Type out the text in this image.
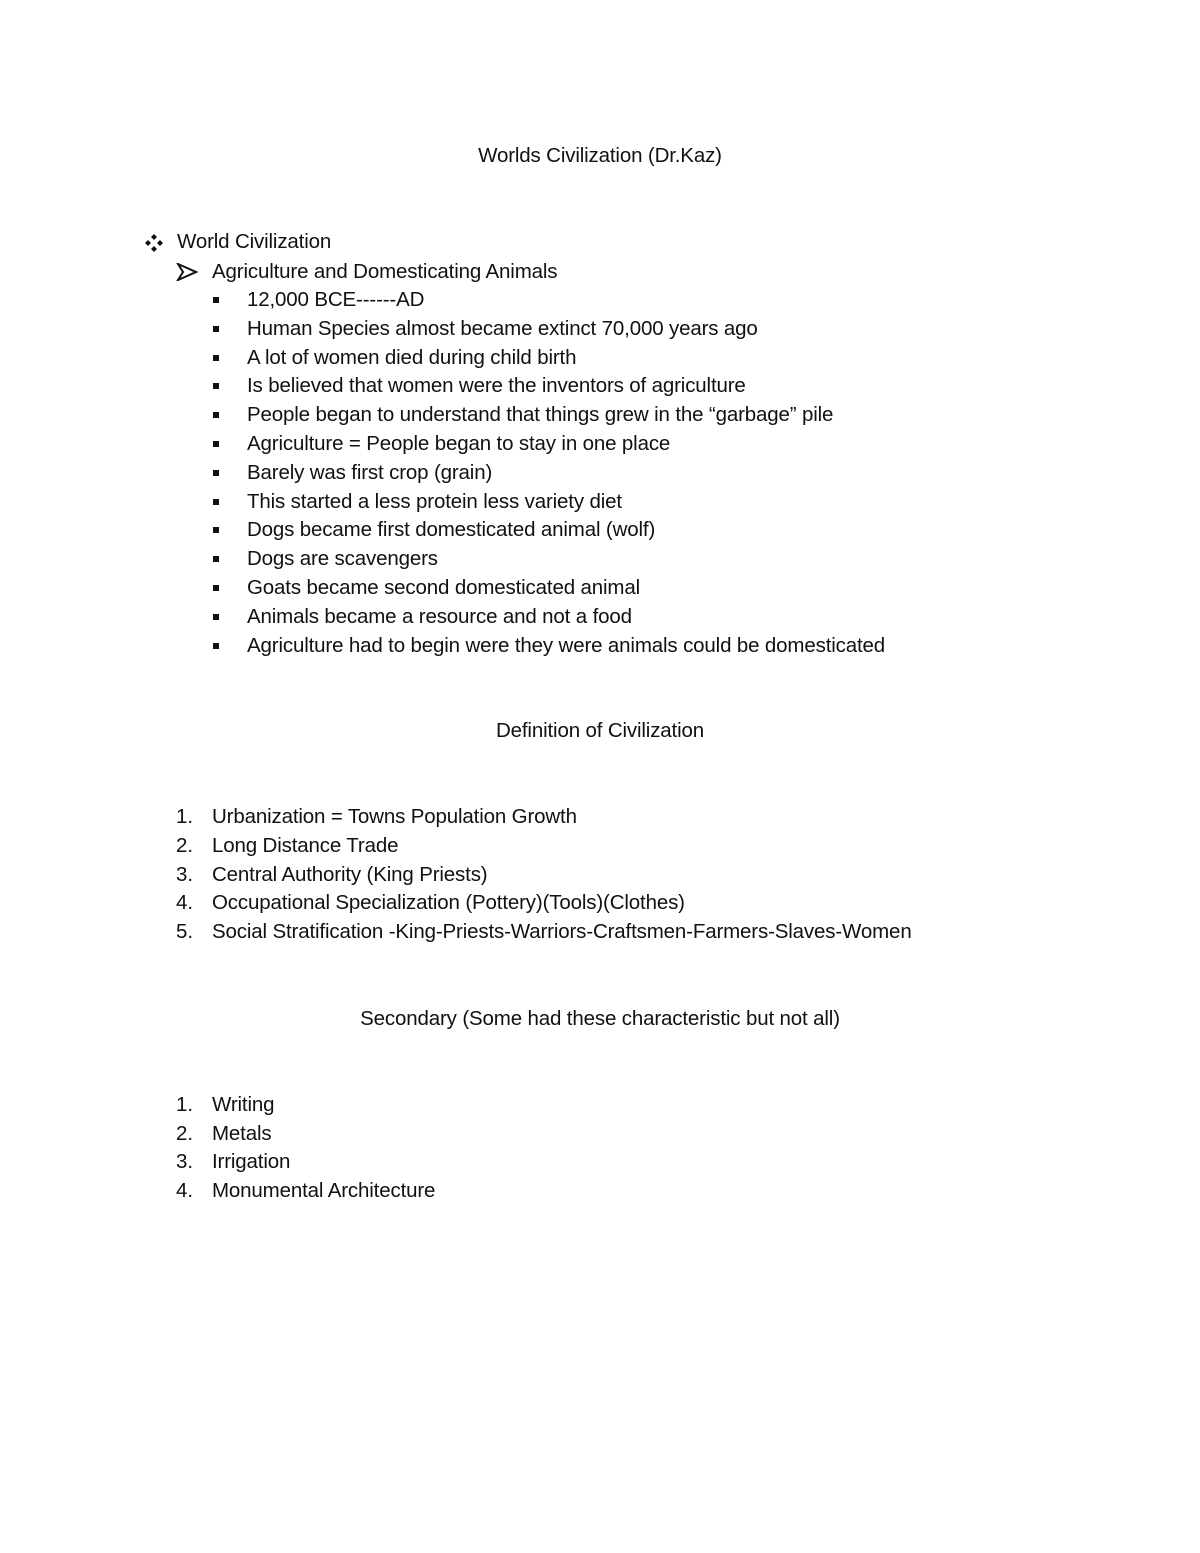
Worlds Civilization (Dr.Kaz)
World Civilization
Agriculture and Domesticating Animals
12,000 BCE------AD
Human Species almost became extinct 70,000 years ago
A lot of women died during child birth
Is believed that women were the inventors of agriculture
People began to understand that things grew in the “garbage” pile
Agriculture = People began to stay in one place
Barely was first crop (grain)
This started a less protein less variety diet
Dogs became first domesticated animal (wolf)
Dogs are scavengers
Goats became second domesticated animal
Animals became a resource and not a food
Agriculture had to begin were they were animals could be domesticated
Definition of Civilization
1. Urbanization = Towns Population Growth
2. Long Distance Trade
3. Central Authority (King Priests)
4. Occupational Specialization (Pottery)(Tools)(Clothes)
5. Social Stratification -King-Priests-Warriors-Craftsmen-Farmers-Slaves-Women
Secondary (Some had these characteristic but not all)
1. Writing
2. Metals
3. Irrigation
4. Monumental Architecture
